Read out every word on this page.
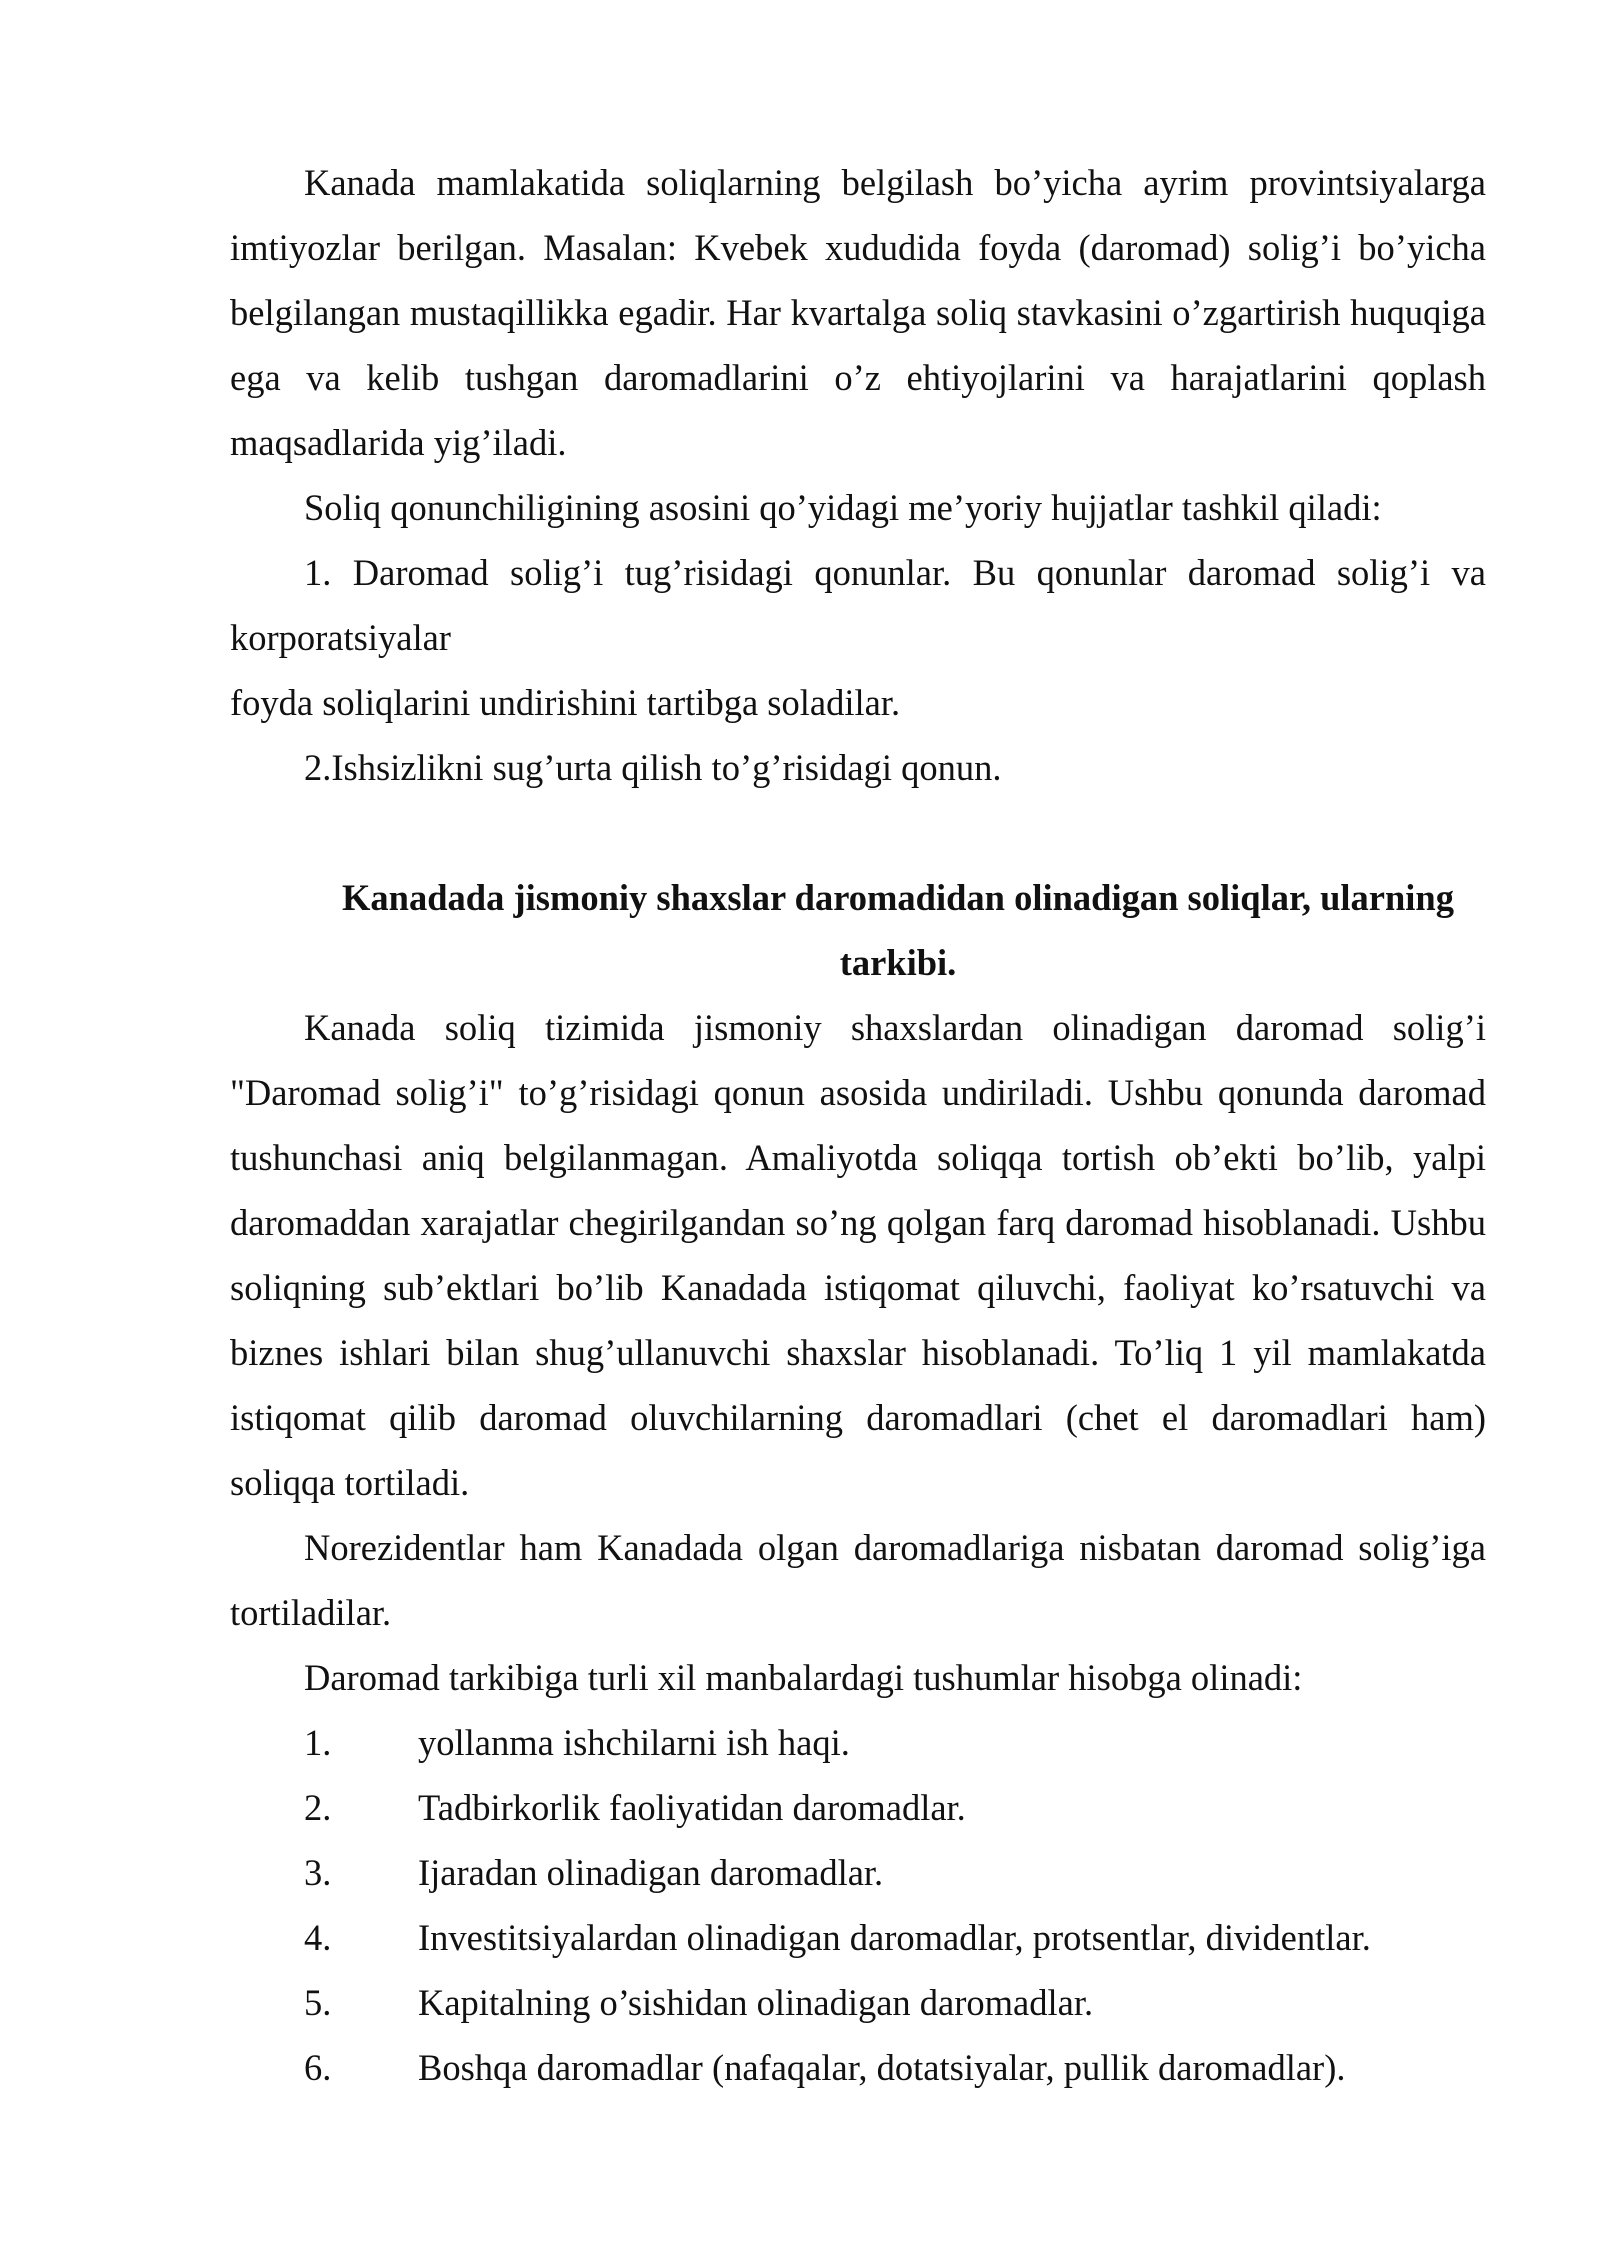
Kanada mamlakatida soliqlarning belgilash bo’yicha ayrim provintsiyalarga imtiyozlar berilgan. Masalan: Kvebek xududida foyda (daromad) solig’i bo’yicha belgilangan mustaqillikka egadir. Har kvartalga soliq stavkasini o’zgartirish huquqiga ega va kelib tushgan daromadlarini o’z ehtiyojlarini va harajatlarini qoplash maqsadlarida yig’iladi.

Soliq qonunchiligining asosini qo’yidagi me’yoriy hujjatlar tashkil qiladi:

1. Daromad solig’i tug’risidagi qonunlar. Bu qonunlar daromad solig’i va korporatsiyalar

foyda soliqlarini undirishini tartibga soladilar.

2.Ishsizlikni sug’urta qilish to’g’risidagi qonun.

Kanadada jismoniy shaxslar daromadidan olinadigan soliqlar, ularning tarkibi.

Kanada soliq tizimida jismoniy shaxslardan olinadigan daromad solig’i "Daromad solig’i" to’g’risidagi qonun asosida undiriladi. Ushbu qonunda daromad tushunchasi aniq belgilanmagan. Amaliyotda soliqqa tortish ob’ekti bo’lib, yalpi daromaddan xarajatlar chegirilgandan so’ng qolgan farq daromad hisoblanadi. Ushbu soliqning sub’ektlari bo’lib Kanadada istiqomat qiluvchi, faoliyat ko’rsatuvchi va biznes ishlari bilan shug’ullanuvchi shaxslar hisoblanadi. To’liq 1 yil mamlakatda istiqomat qilib daromad oluvchilarning daromadlari (chet el daromadlari ham) soliqqa tortiladi.

Norezidentlar ham Kanadada olgan daromadlariga nisbatan daromad solig’iga tortiladilar.

Daromad tarkibiga turli xil manbalardagi tushumlar hisobga olinadi:

1.	yollanma ishchilarni ish haqi.
2.	Tadbirkorlik faoliyatidan daromadlar.
3.	Ijaradan olinadigan daromadlar.
4.	Investitsiyalardan olinadigan daromadlar, protsentlar, dividentlar.
5.	Kapitalning o’sishidan olinadigan daromadlar.
6.	Boshqa daromadlar (nafaqalar, dotatsiyalar, pullik daromadlar).
